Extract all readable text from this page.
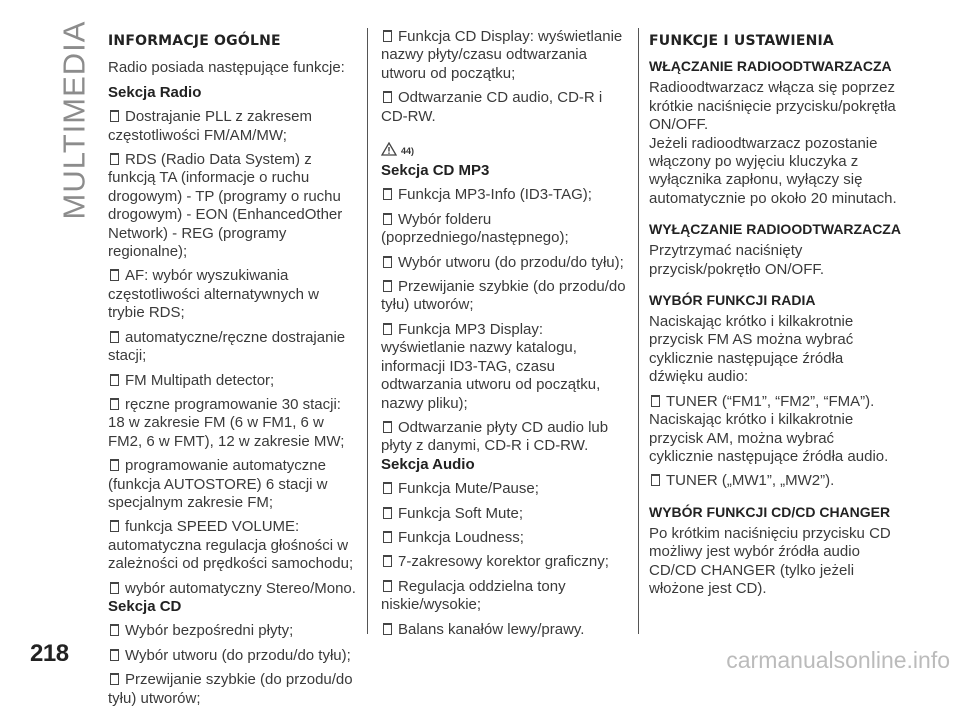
MULTIMEDIA INFORMACJE OGÓLNE

Radio posiada następujące funkcje:

Sekcja Radio
Dostrajanie PLL z zakresem częstotliwości FM/AM/MW;
RDS (Radio Data System) z funkcją TA (informacje o ruchu drogowym) - TP (programy o ruchu drogowym) - EON (EnhancedOther Network) - REG (programy regionalne);
AF: wybór wyszukiwania częstotliwości alternatywnych w trybie RDS;
automatyczne/ręczne dostrajanie stacji;
FM Multipath detector;
ręczne programowanie 30 stacji: 18 w zakresie FM (6 w FM1, 6 w FM2, 6 w FMT), 12 w zakresie MW;
programowanie automatyczne (funkcja AUTOSTORE) 6 stacji w specjalnym zakresie FM;
funkcja SPEED VOLUME: automatyczna regulacja głośności w zależności od prędkości samochodu;
wybór automatyczny Stereo/Mono.
Sekcja CD
Wybór bezpośredni płyty;
Wybór utworu (do przodu/do tyłu);
Przewijanie szybkie (do przodu/do tyłu) utworów;
Funkcja CD Display: wyświetlanie nazwy płyty/czasu odtwarzania utworu od początku;
Odtwarzanie CD audio, CD-R i CD-RW.
44)
Sekcja CD MP3
Funkcja MP3-Info (ID3-TAG);
Wybór folderu (poprzedniego/następnego);
Wybór utworu (do przodu/do tyłu);
Przewijanie szybkie (do przodu/do tyłu) utworów;
Funkcja MP3 Display: wyświetlanie nazwy katalogu, informacji ID3-TAG, czasu odtwarzania utworu od początku, nazwy pliku);
Odtwarzanie płyty CD audio lub płyty z danymi, CD-R i CD-RW.
Sekcja Audio
Funkcja Mute/Pause;
Funkcja Soft Mute;
Funkcja Loudness;
7-zakresowy korektor graficzny;
Regulacja oddzielna tony niskie/wysokie;
Balans kanałów lewy/prawy.
FUNKCJE I USTAWIENIA
WŁĄCZANIE RADIOODTWARZACZA

Radioodtwarzacz włącza się poprzez krótkie naciśnięcie przycisku/pokrętła ON/OFF.

Jeżeli radioodtwarzacz pozostanie włączony po wyjęciu kluczyka z wyłącznika zapłonu, wyłączy się automatycznie po około 20 minutach.

WYŁĄCZANIE RADIOODTWARZACZA

Przytrzymać naciśnięty przycisk/pokrętło ON/OFF.

WYBÓR FUNKCJI RADIA

Naciskając krótko i kilkakrotnie przycisk FM AS można wybrać cyklicznie następujące źródła dźwięku audio:

TUNER (“FM1”, “FM2”, “FMA”).

Naciskając krótko i kilkakrotnie przycisk AM, można wybrać cyklicznie następujące źródła audio.

TUNER („MW1”, „MW2”).
WYBÓR FUNKCJI CD/CD CHANGER

Po krótkim naciśnięciu przycisku CD możliwy jest wybór źródła audio CD/CD CHANGER (tylko jeżeli włożone jest CD).

218	carmanualsonline.info
